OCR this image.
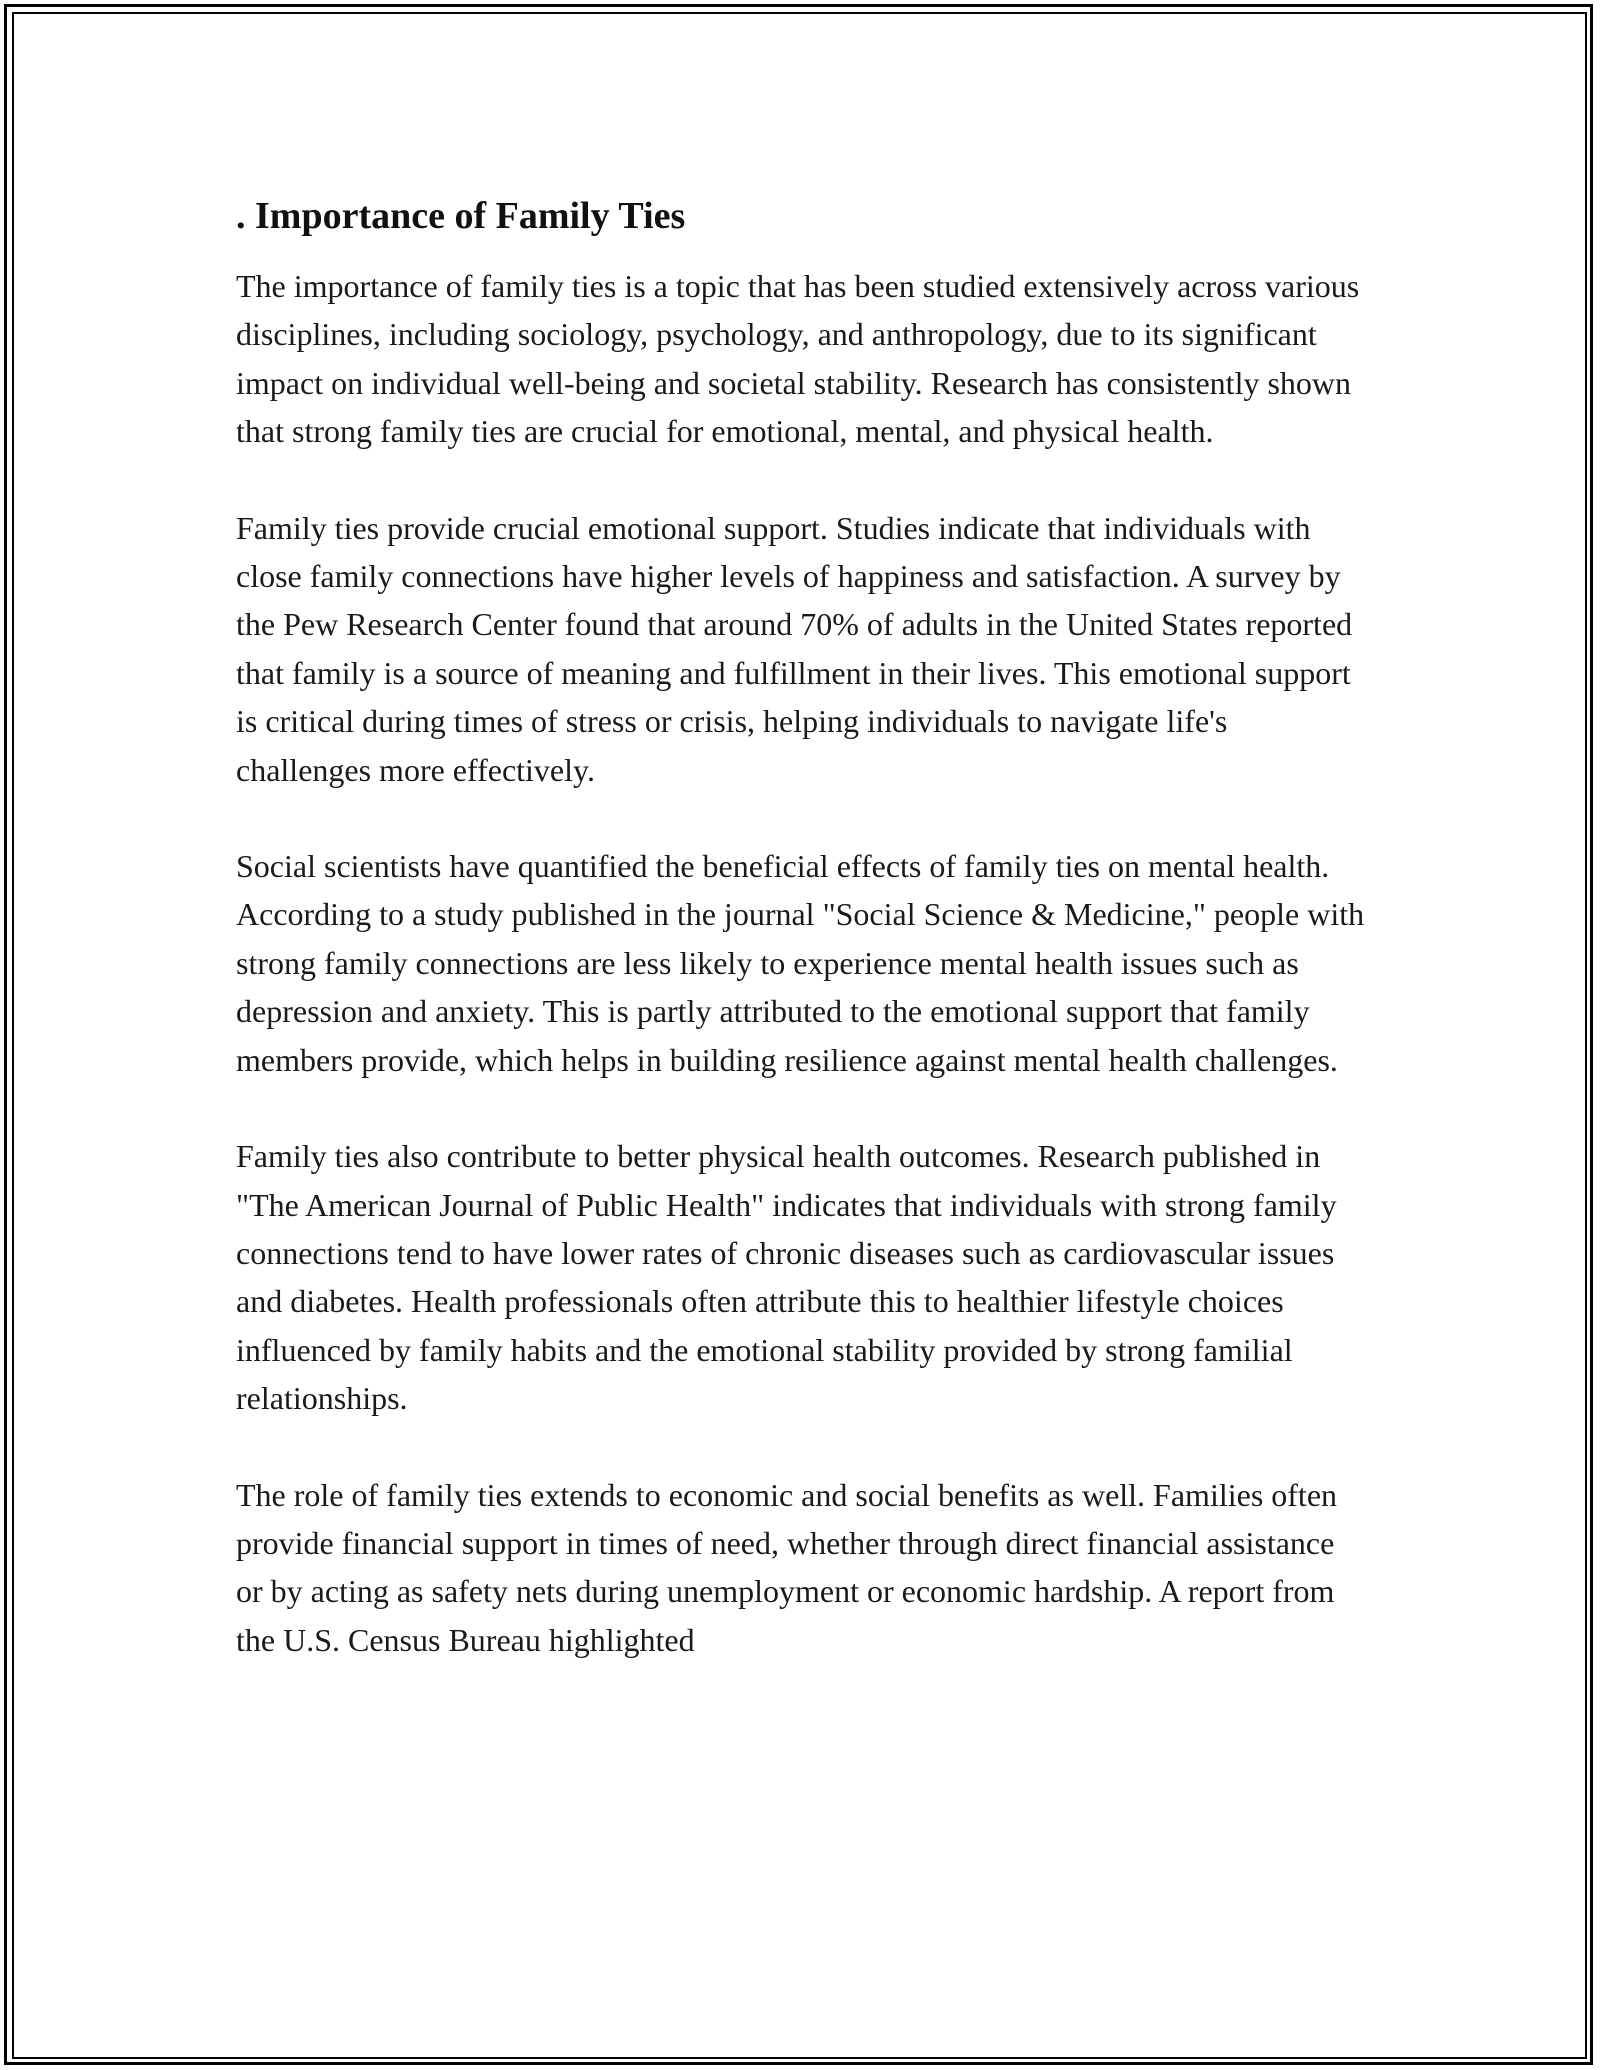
. Importance of Family Ties

The importance of family ties is a topic that has been studied extensively across various disciplines, including sociology, psychology, and anthropology, due to its significant impact on individual well-being and societal stability. Research has consistently shown that strong family ties are crucial for emotional, mental, and physical health.

Family ties provide crucial emotional support. Studies indicate that individuals with close family connections have higher levels of happiness and satisfaction. A survey by the Pew Research Center found that around 70% of adults in the United States reported that family is a source of meaning and fulfillment in their lives. This emotional support is critical during times of stress or crisis, helping individuals to navigate life's challenges more effectively.

Social scientists have quantified the beneficial effects of family ties on mental health. According to a study published in the journal "Social Science & Medicine," people with strong family connections are less likely to experience mental health issues such as depression and anxiety. This is partly attributed to the emotional support that family members provide, which helps in building resilience against mental health challenges.

Family ties also contribute to better physical health outcomes. Research published in "The American Journal of Public Health" indicates that individuals with strong family connections tend to have lower rates of chronic diseases such as cardiovascular issues and diabetes. Health professionals often attribute this to healthier lifestyle choices influenced by family habits and the emotional stability provided by strong familial relationships.

The role of family ties extends to economic and social benefits as well. Families often provide financial support in times of need, whether through direct financial assistance or by acting as safety nets during unemployment or economic hardship. A report from the U.S. Census Bureau highlighted
